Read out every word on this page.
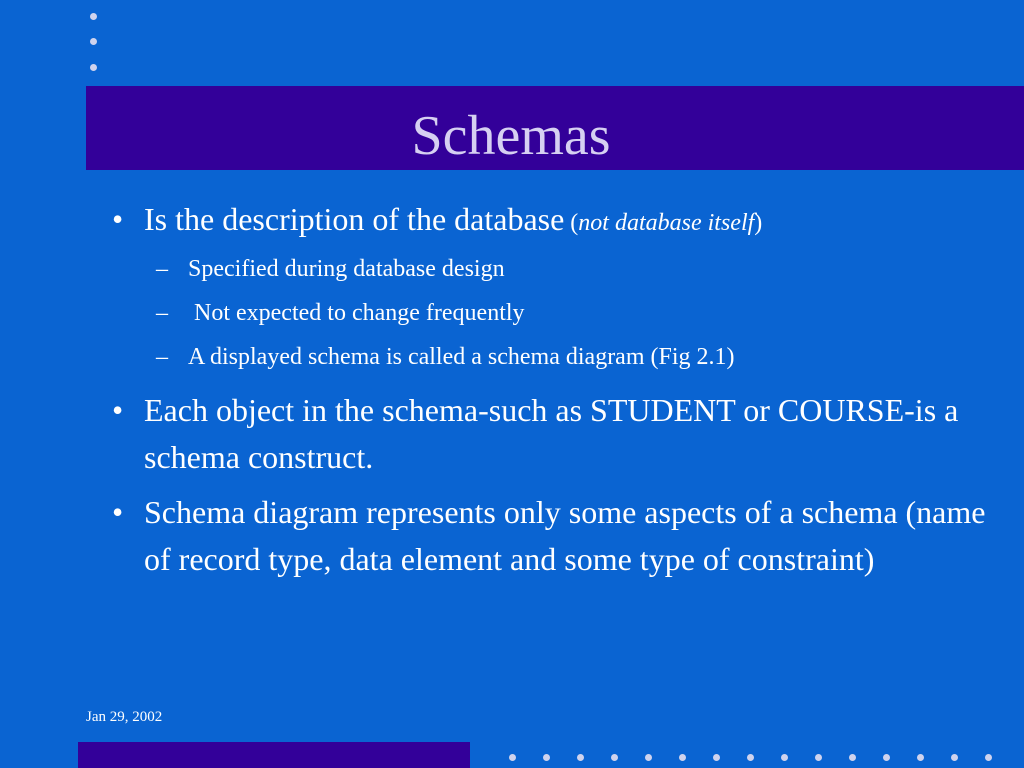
Schemas

• Is the description of the database (not database itself)

– Specified during database design

– Not expected to change frequently

– A displayed schema is called a schema diagram (Fig 2.1)

• Each object in the schema-such as STUDENT or COURSE-is a schema construct.

• Schema diagram represents only some aspects of a schema (name of record type, data element and some type of constraint)

Jan 29, 2002
